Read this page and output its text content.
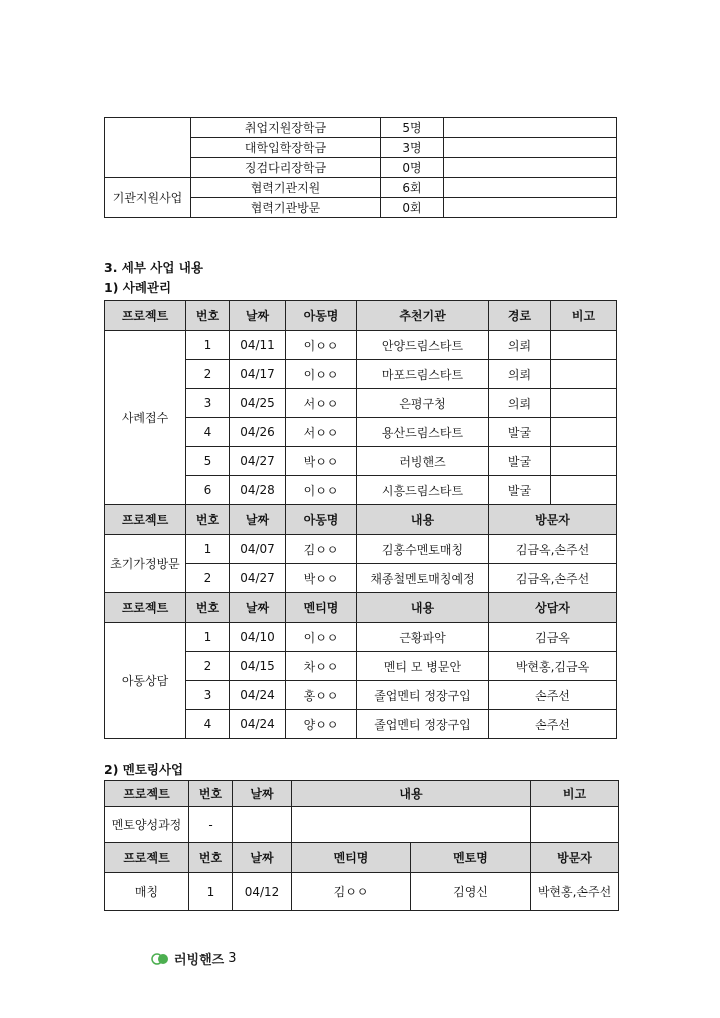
	취업지원장학금	5명	
	대학입학장학금	3명	
	징검다리장학금	0명	
기관지원사업	협력기관지원	6회	
	협력기관방문	0회	
3. 세부 사업 내용
1) 사례관리
프로젝트	번호	날짜	아동명	추천기관	경로	비고
사례접수	1	04/11	이ㅇㅇ	안양드림스타트	의뢰	
	2	04/17	이ㅇㅇ	마포드림스타트	의뢰	
	3	04/25	서ㅇㅇ	은평구청	의뢰	
	4	04/26	서ㅇㅇ	용산드림스타트	발굴	
	5	04/27	박ㅇㅇ	러빙핸즈	발굴	
	6	04/28	이ㅇㅇ	시흥드림스타트	발굴	
프로젝트	번호	날짜	아동명	내용	방문자	
초기가정방문	1	04/07	김ㅇㅇ	김홍수멘토매칭	김금옥,손주선	
	2	04/27	박ㅇㅇ	채종철멘토매칭예정	김금옥,손주선	
프로젝트	번호	날짜	멘티명	내용	상담자	
아동상담	1	04/10	이ㅇㅇ	근황파악	김금옥	
	2	04/15	차ㅇㅇ	멘티 모 병문안	박현홍,김금옥	
	3	04/24	홍ㅇㅇ	졸업멘티 정장구입	손주선	
	4	04/24	양ㅇㅇ	졸업멘티 정장구입	손주선	
2) 멘토링사업
프로젝트	번호	날짜	내용		비고
멘토양성과정	-				
프로젝트	번호	날짜	멘티명	멘토명	방문자
매칭	1	04/12	김ㅇㅇ	김영신	박현홍,손주선
러빙핸즈 3
